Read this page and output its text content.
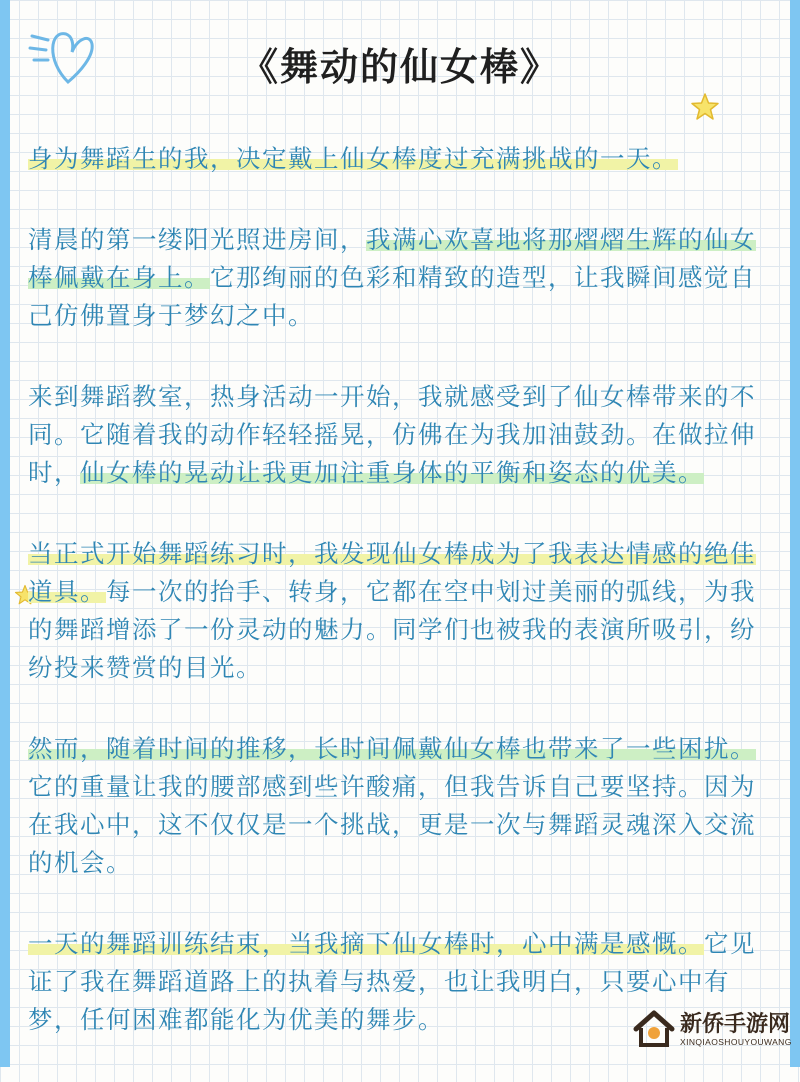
《舞动的仙女棒》

身为舞蹈生的我，决定戴上仙女棒度过充满挑战的一天。

清晨的第一缕阳光照进房间，我满心欢喜地将那熠熠生辉的仙女棒佩戴在身上。它那绚丽的色彩和精致的造型，让我瞬间感觉自己仿佛置身于梦幻之中。

来到舞蹈教室，热身活动一开始，我就感受到了仙女棒带来的不同。它随着我的动作轻轻摇晃，仿佛在为我加油鼓劲。在做拉伸时，仙女棒的晃动让我更加注重身体的平衡和姿态的优美。

当正式开始舞蹈练习时，我发现仙女棒成为了我表达情感的绝佳道具。每一次的抬手、转身，它都在空中划过美丽的弧线，为我的舞蹈增添了一份灵动的魅力。同学们也被我的表演所吸引，纷纷投来赞赏的目光。

然而，随着时间的推移，长时间佩戴仙女棒也带来了一些困扰。它的重量让我的腰部感到些许酸痛，但我告诉自己要坚持。因为在我心中，这不仅仅是一个挑战，更是一次与舞蹈灵魂深入交流的机会。

一天的舞蹈训练结束，当我摘下仙女棒时，心中满是感慨。它见证了我在舞蹈道路上的执着与热爱，也让我明白，只要心中有梦，任何困难都能化为优美的舞步。	新侨手游网
XINQIAOSHOUYOUWANG
